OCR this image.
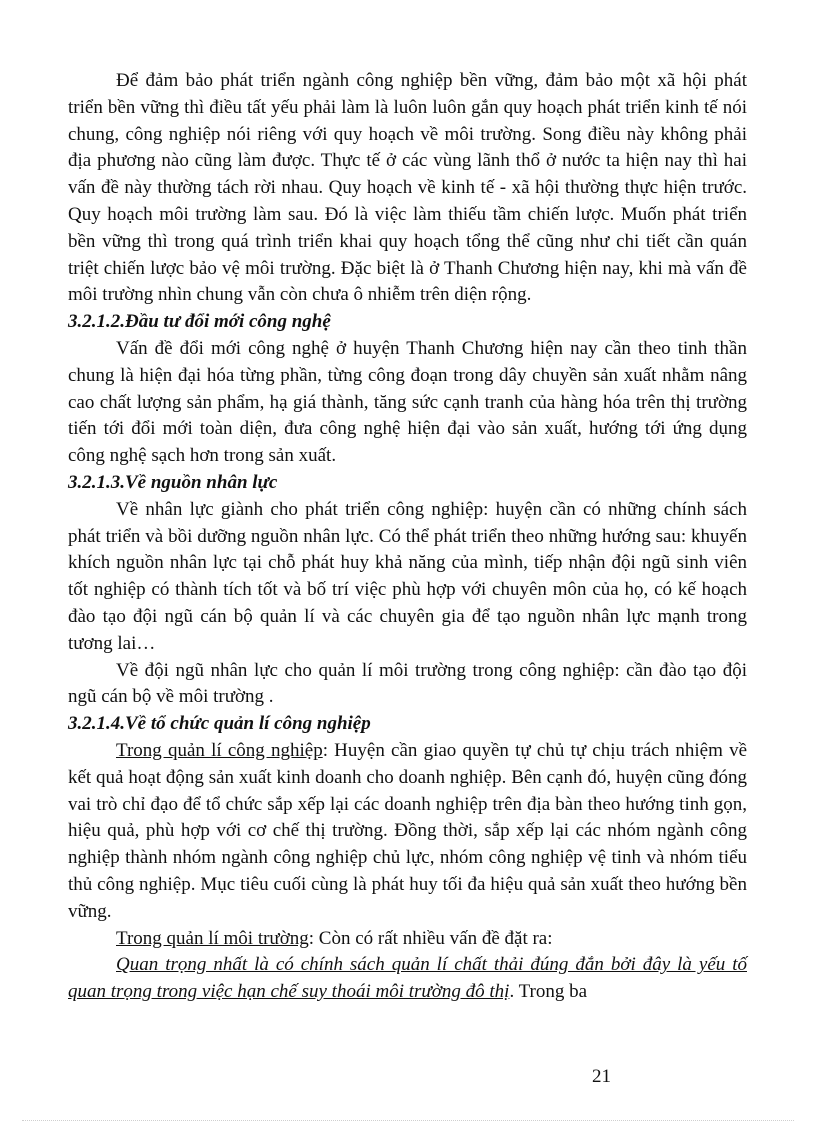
Để đảm bảo phát triển ngành công nghiệp bền vững, đảm bảo một xã hội phát triển bền vững thì điều tất yếu phải làm là luôn luôn gắn quy hoạch phát triển kinh tế nói chung, công nghiệp nói riêng với quy hoạch về môi trường. Song điều này không phải địa phương nào cũng làm được. Thực tế ở các vùng lãnh thổ ở nước ta hiện nay thì hai vấn đề này thường tách rời nhau. Quy hoạch về kinh tế - xã hội thường thực hiện trước. Quy hoạch môi trường làm sau. Đó là việc làm thiếu tầm chiến lược. Muốn phát triển bền vững thì trong quá trình triển khai quy hoạch tổng thể cũng như chi tiết cần quán triệt chiến lược bảo vệ môi trường. Đặc biệt là ở Thanh Chương hiện nay, khi mà vấn đề môi trường nhìn chung vẫn còn chưa ô nhiễm trên diện rộng.

3.2.1.2.Đầu tư đổi mới công nghệ

Vấn đề đổi mới công nghệ ở huyện Thanh Chương hiện nay cần theo tinh thần chung là hiện đại hóa từng phần, từng công đoạn trong dây chuyền sản xuất nhằm nâng cao chất lượng sản phẩm, hạ giá thành, tăng sức cạnh tranh của hàng hóa trên thị trường tiến tới đổi mới toàn diện, đưa công nghệ hiện đại vào sản xuất, hướng tới ứng dụng công nghệ sạch hơn trong sản xuất.

3.2.1.3.Về nguồn nhân lực

Về nhân lực giành cho phát triển công nghiệp: huyện cần có những chính sách phát triển và bồi dưỡng nguồn nhân lực. Có thể phát triển theo những hướng sau: khuyến khích nguồn nhân lực tại chỗ phát huy khả năng của mình, tiếp nhận đội ngũ sinh viên tốt nghiệp có thành tích tốt và bố trí việc phù hợp với chuyên môn của họ, có kế hoạch đào tạo đội ngũ cán bộ quản lí và các chuyên gia để tạo nguồn nhân lực mạnh trong tương lai…

Về đội ngũ nhân lực cho quản lí môi trường trong công nghiệp: cần đào tạo đội ngũ cán bộ về môi trường .

3.2.1.4.Về tổ chức quản lí công nghiệp

Trong quản lí công nghiệp: Huyện cần giao quyền tự chủ tự chịu trách nhiệm về kết quả hoạt động sản xuất kinh doanh cho doanh nghiệp. Bên cạnh đó, huyện cũng đóng vai trò chỉ đạo để tổ chức sắp xếp lại các doanh nghiệp trên địa bàn theo hướng tinh gọn, hiệu quả, phù hợp với cơ chế thị trường. Đồng thời, sắp xếp lại các nhóm ngành công nghiệp thành nhóm ngành công nghiệp chủ lực, nhóm công nghiệp vệ tinh và nhóm tiểu thủ công nghiệp. Mục tiêu cuối cùng là phát huy tối đa hiệu quả sản xuất theo hướng bền vững.

Trong quản lí môi trường: Còn có rất nhiều vấn đề đặt ra:

Quan trọng nhất là có chính sách quản lí chất thải đúng đắn bởi đây là yếu tố quan trọng trong việc hạn chế suy thoái môi trường đô thị. Trong ba

21
